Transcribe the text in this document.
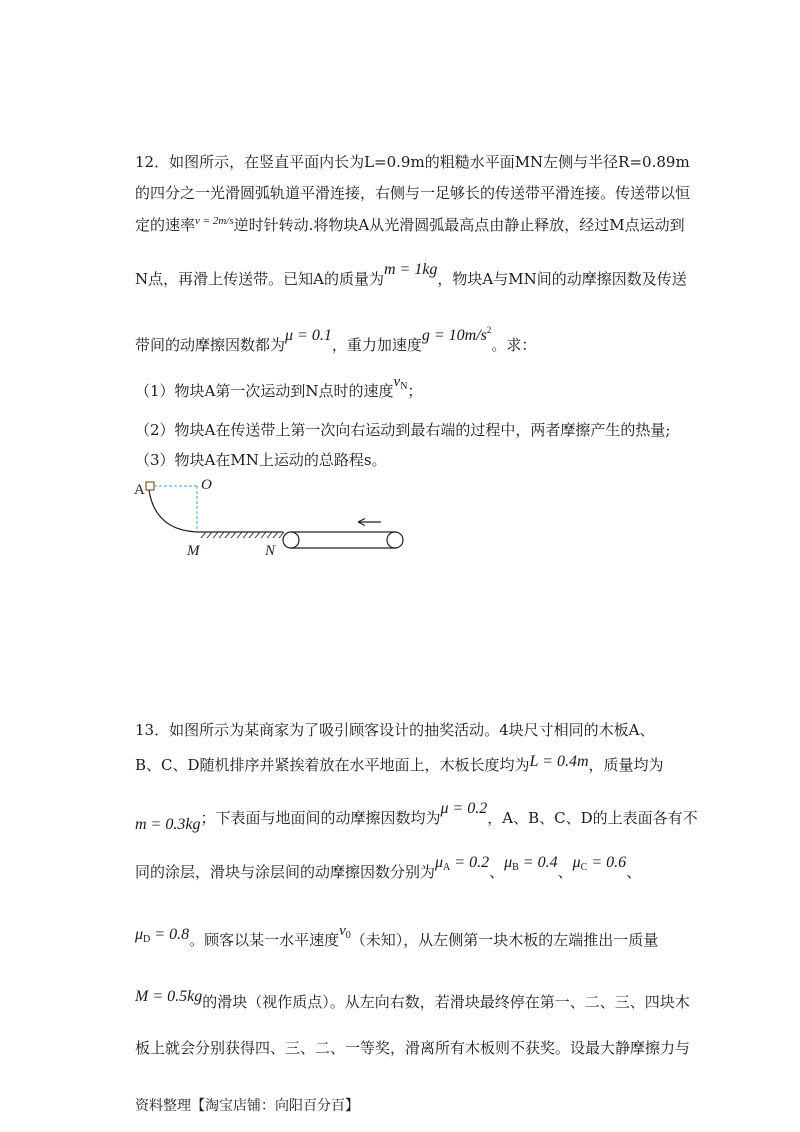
12．如图所示，在竖直平面内长为L=0.9m的粗糙水平面MN左侧与半径R=0.89m
的四分之一光滑圆弧轨道平滑连接，右侧与一足够长的传送带平滑连接。传送带以恒
定的速率$^{v = 2m/s}$逆时针转动.将物块A从光滑圆弧最高点由静止释放，经过M点运动到
N点，再滑上传送带。已知A的质量为m = 1kg，物块A与MN间的动摩擦因数及传送
带间的动摩擦因数都为μ = 0.1，重力加速度$g = 10m/s^2$。求：
（1）物块A第一次运动到N点时的速度$v_N$；
（2）物块A在传送带上第一次向右运动到最右端的过程中，两者摩擦产生的热量;
（3）物块A在MN上运动的总路程s。
A	O
M	N
13．如图所示为某商家为了吸引顾客设计的抽奖活动。4块尺寸相同的木板A、
B、C、D随机排序并紧挨着放在水平地面上，木板长度均为L = 0.4m，质量均为
m = 0.3kg；下表面与地面间的动摩擦因数均为μ = 0.2，A、B、C、D的上表面各有不
同的涂层，滑块与涂层间的动摩擦因数分别为$\mu_A = 0.2$、$\mu_B = 0.4$、$\mu_C = 0.6$、
$\mu_D = 0.8$。顾客以某一水平速度$v_0$（未知），从左侧第一块木板的左端推出一质量
M = 0.5kg的滑块（视作质点）。从左向右数，若滑块最终停在第一、二、三、四块木
板上就会分别获得四、三、二、一等奖，滑离所有木板则不获奖。设最大静摩擦力与
资料整理【淘宝店铺：向阳百分百】
